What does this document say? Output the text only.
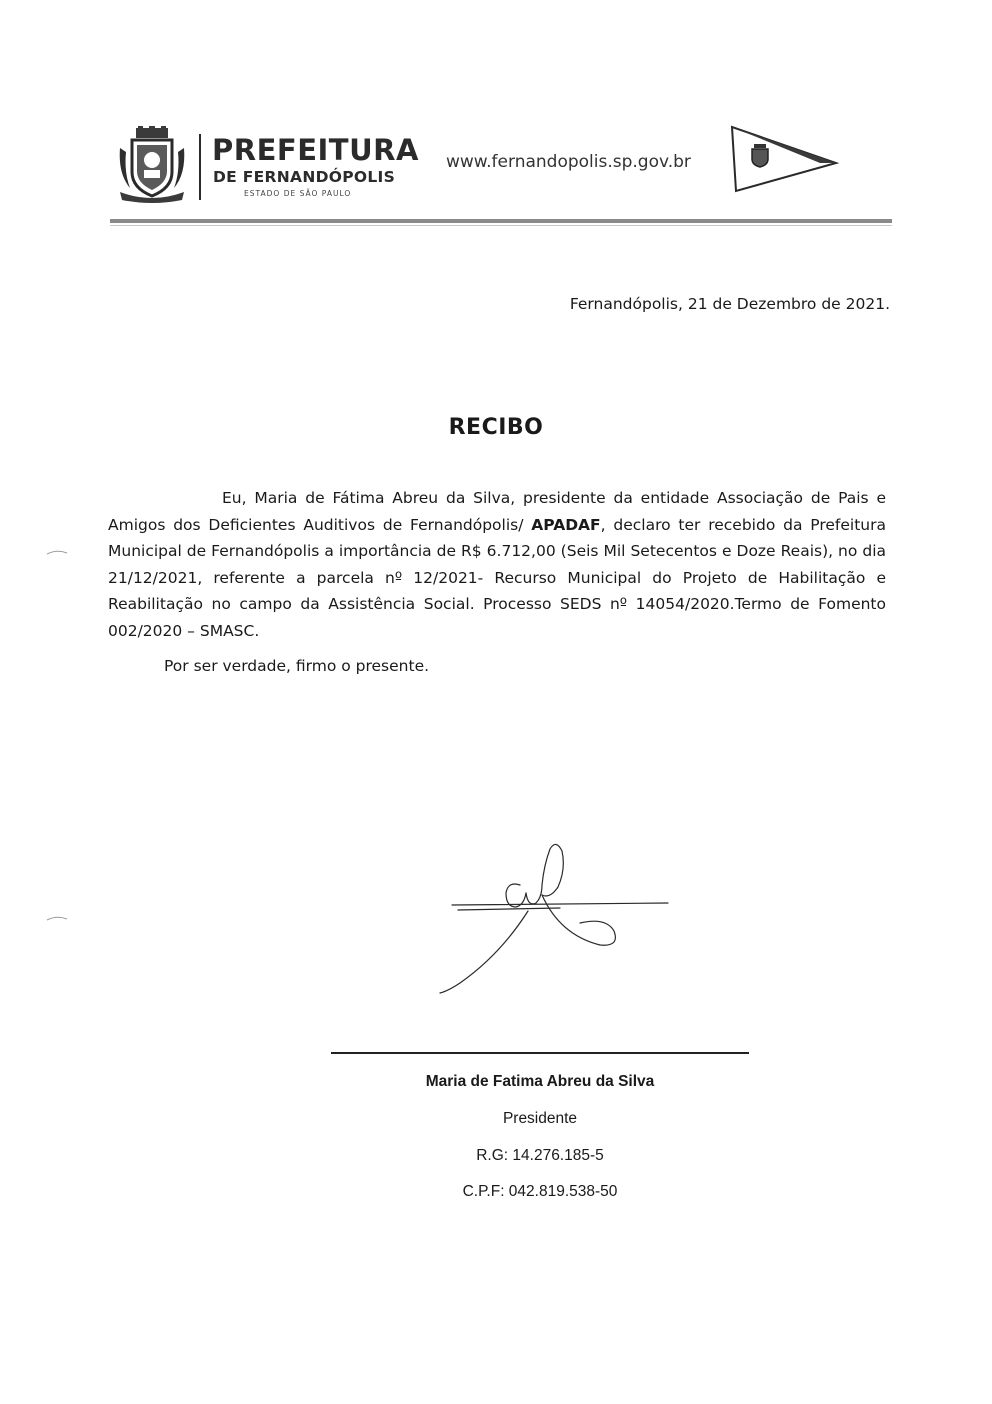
PREFEITURA
DE FERNANDÓPOLIS
ESTADO DE SÃO PAULO
www.fernandopolis.sp.gov.br
Fernandópolis, 21 de Dezembro de 2021.
RECIBO
Eu, Maria de Fátima Abreu da Silva, presidente da entidade Associação de Pais e Amigos dos Deficientes Auditivos de Fernandópolis/ APADAF, declaro ter recebido da Prefeitura Municipal de Fernandópolis a importância de R$ 6.712,00 (Seis Mil Setecentos e Doze Reais), no dia 21/12/2021, referente a parcela nº 12/2021- Recurso Municipal do Projeto de Habilitação e Reabilitação no campo da Assistência Social. Processo SEDS nº 14054/2020.Termo de Fomento 002/2020 – SMASC.
Por ser verdade, firmo o presente.
Maria de Fatima Abreu da Silva
Presidente
R.G: 14.276.185-5
C.P.F: 042.819.538-50
